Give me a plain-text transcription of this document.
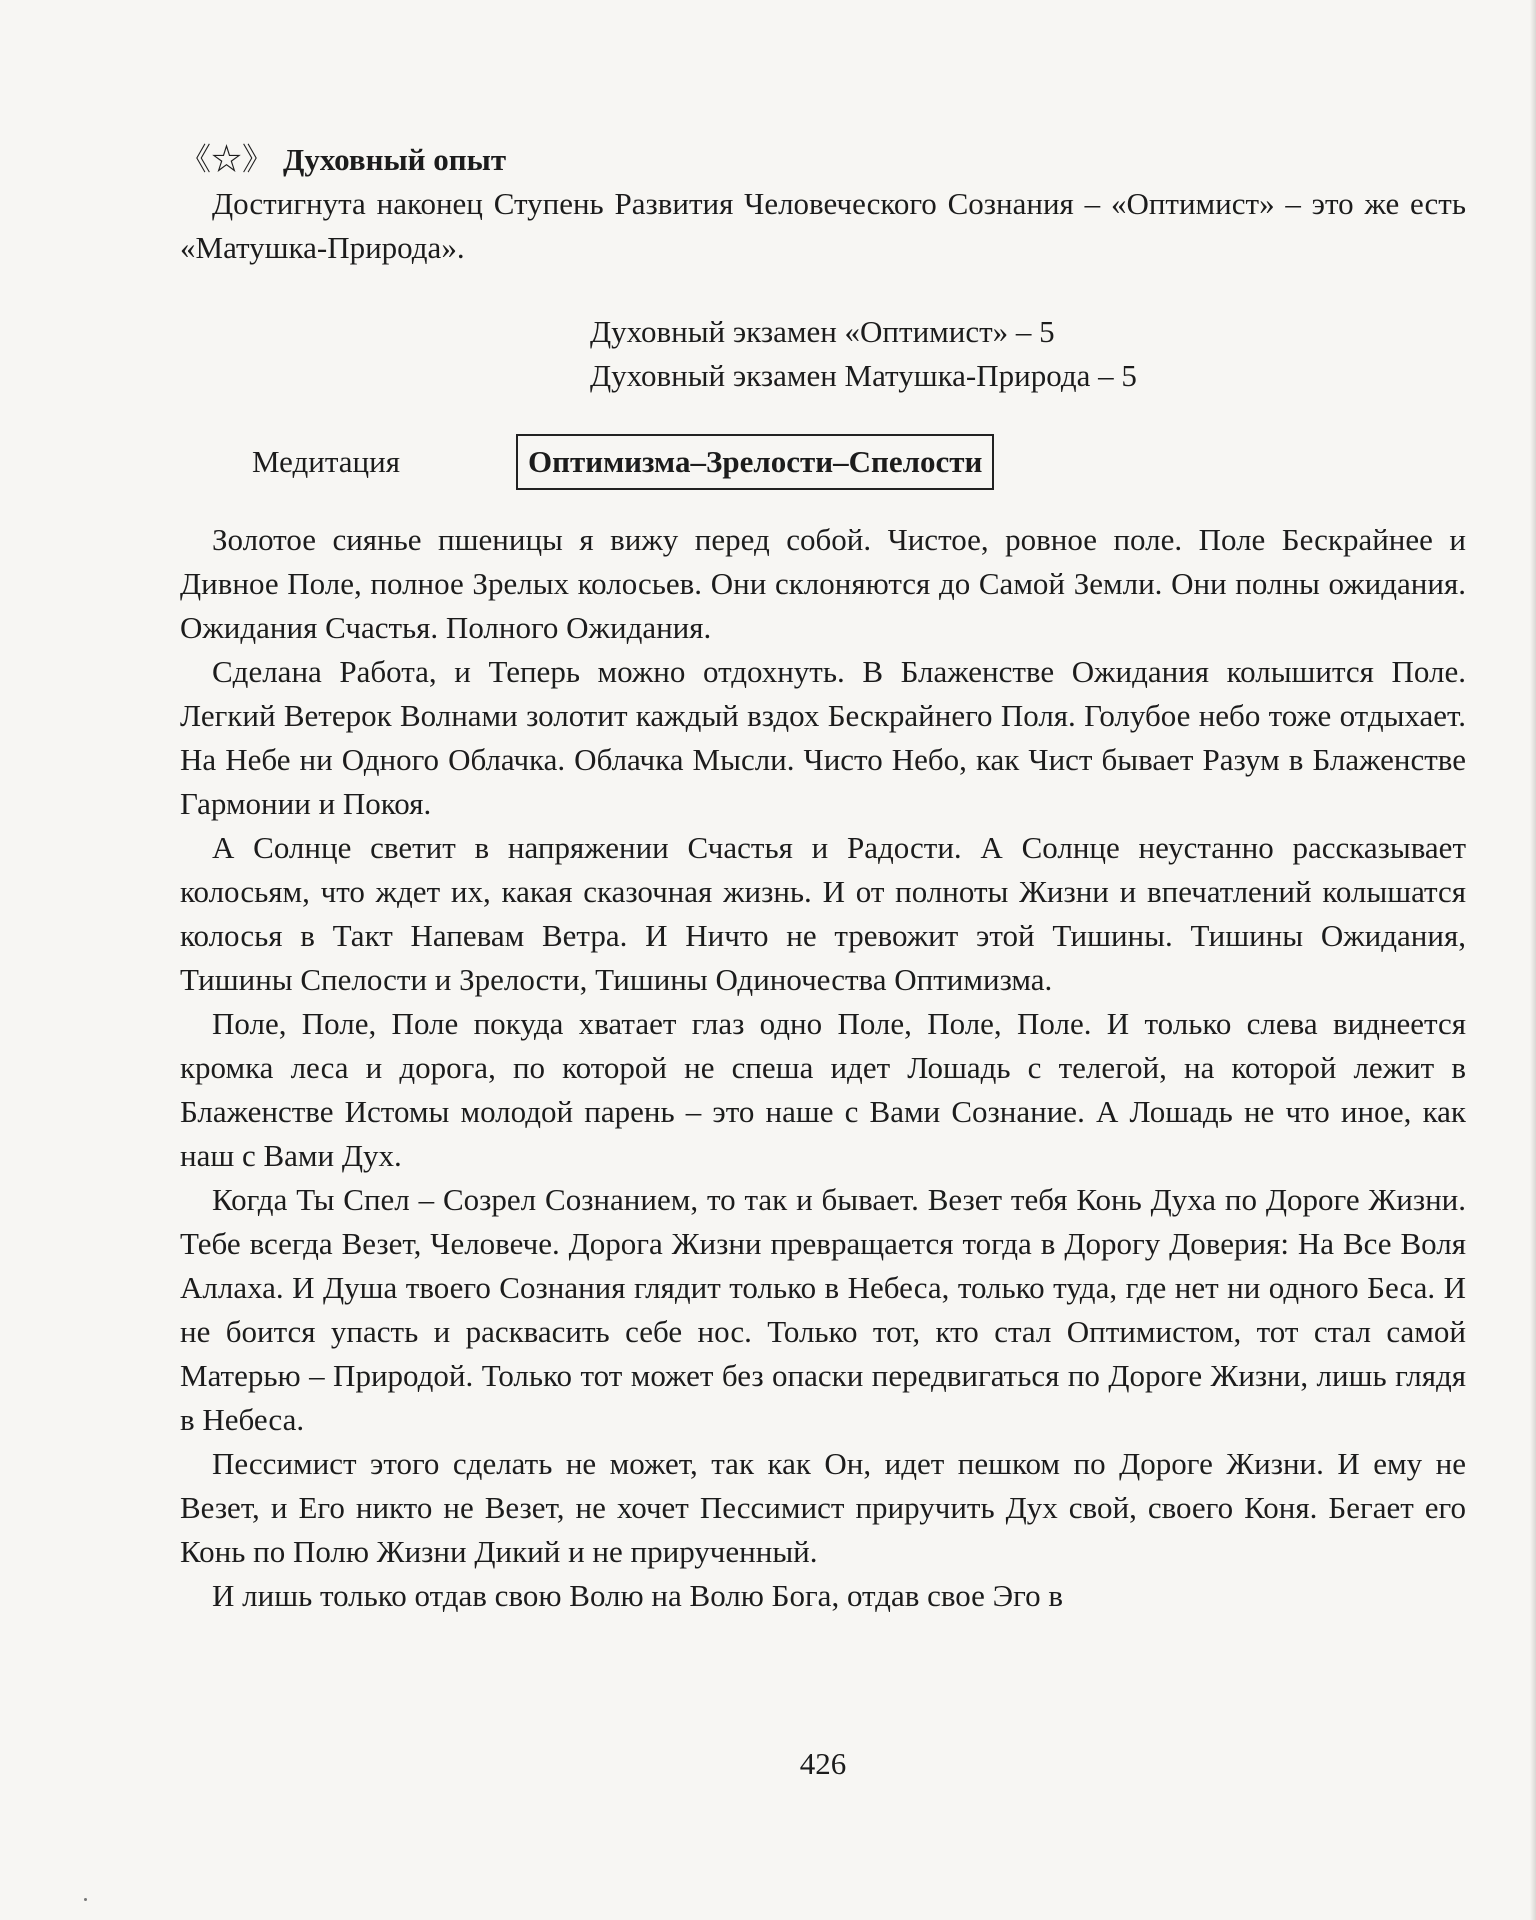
《☆》 Духовный опыт

Достигнута наконец Ступень Развития Человеческого Сознания – «Оптимист» – это же есть «Матушка-Природа».

Духовный экзамен «Оптимист» – 5
Духовный экзамен Матушка-Природа – 5
Медитация	Оптимизма–Зрелости–Спелости

Золотое сиянье пшеницы я вижу перед собой. Чистое, ровное поле. Поле Бескрайнее и Дивное Поле, полное Зрелых колосьев. Они склоняются до Самой Земли. Они полны ожидания. Ожидания Счастья. Полного Ожидания.

Сделана Работа, и Теперь можно отдохнуть. В Блаженстве Ожидания колышится Поле. Легкий Ветерок Волнами золотит каждый вздох Бескрайнего Поля. Голубое небо тоже отдыхает. На Небе ни Одного Облачка. Облачка Мысли. Чисто Небо, как Чист бывает Разум в Блаженстве Гармонии и Покоя.

А Солнце светит в напряжении Счастья и Радости. А Солнце неустанно рассказывает колосьям, что ждет их, какая сказочная жизнь. И от полноты Жизни и впечатлений колышатся колосья в Такт Напевам Ветра. И Ничто не тревожит этой Тишины. Тишины Ожидания, Тишины Спелости и Зрелости, Тишины Одиночества Оптимизма.

Поле, Поле, Поле покуда хватает глаз одно Поле, Поле, Поле. И только слева виднеется кромка леса и дорога, по которой не спеша идет Лошадь с телегой, на которой лежит в Блаженстве Истомы молодой парень – это наше с Вами Сознание. А Лошадь не что иное, как наш с Вами Дух.

Когда Ты Спел – Созрел Сознанием, то так и бывает. Везет тебя Конь Духа по Дороге Жизни. Тебе всегда Везет, Человече. Дорога Жизни превращается тогда в Дорогу Доверия: На Все Воля Аллаха. И Душа твоего Сознания глядит только в Небеса, только туда, где нет ни одного Беса. И не боится упасть и расквасить себе нос. Только тот, кто стал Оптимистом, тот стал самой Матерью – Природой. Только тот может без опаски передвигаться по Дороге Жизни, лишь глядя в Небеса.

Пессимист этого сделать не может, так как Он, идет пешком по Дороге Жизни. И ему не Везет, и Его никто не Везет, не хочет Пессимист приручить Дух свой, своего Коня. Бегает его Конь по Полю Жизни Дикий и не прирученный.

И лишь только отдав свою Волю на Волю Бога, отдав свое Эго в

426
